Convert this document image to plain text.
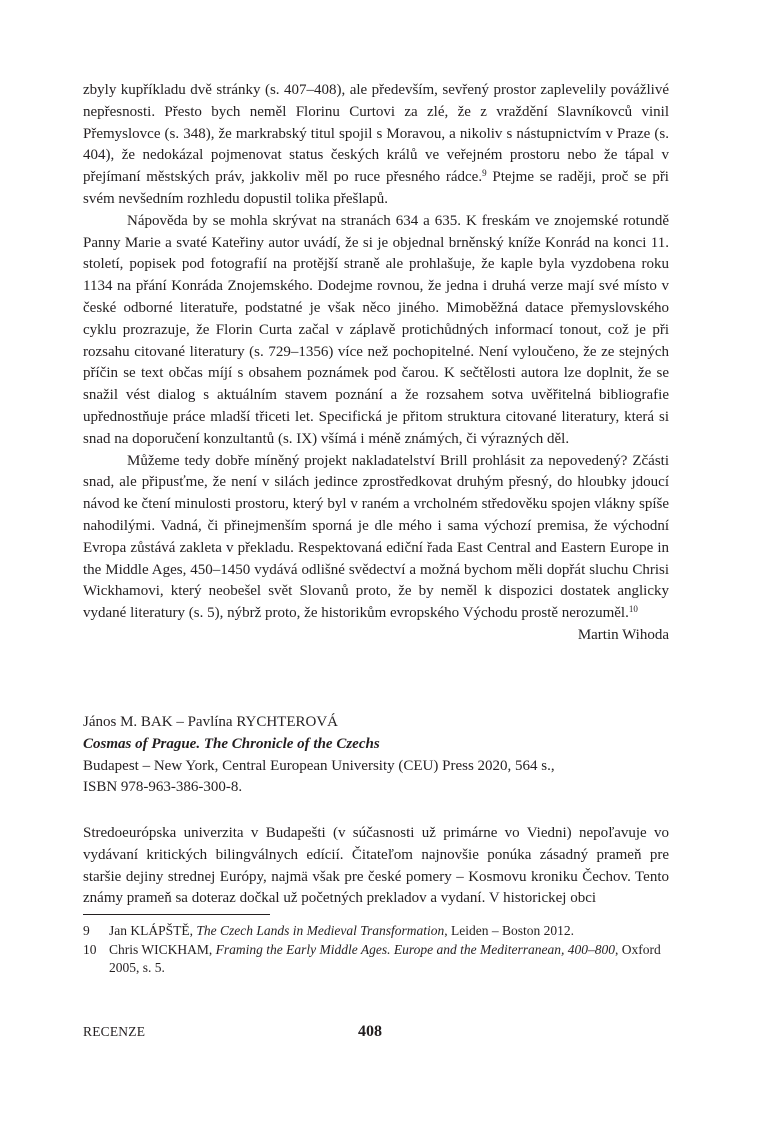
zbyly kupříkladu dvě stránky (s. 407–408), ale především, sevřený prostor zaplevelily povážlivé nepřesnosti. Přesto bych neměl Florinu Curtovi za zlé, že z vraždění Slavníkovců vinil Přemyslovce (s. 348), že markrabský titul spojil s Moravou, a nikoliv s nástupnictvím v Praze (s. 404), že nedokázal pojmenovat status českých králů ve veřejném prostoru nebo že tápal v přejímaní městských práv, jakkoliv měl po ruce přesného rádce.$^9$ Ptejme se raději, proč se při svém nevšedním rozhledu dopustil tolika přešlapů.

Nápověda by se mohla skrývat na stranách 634 a 635. K freskám ve znojemské rotundě Panny Marie a svaté Kateřiny autor uvádí, že si je objednal brněnský kníže Konrád na konci 11. století, popisek pod fotografií na protější straně ale prohlašuje, že kaple byla vyzdobena roku 1134 na přání Konráda Znojemského. Dodejme rovnou, že jedna i druhá verze mají své místo v české odborné literatuře, podstatné je však něco jiného. Mimoběžná datace přemyslovského cyklu prozrazuje, že Florin Curta začal v záplavě protichůdných informací tonout, což je při rozsahu citované literatury (s. 729–1356) více než pochopitelné. Není vyloučeno, že ze stejných příčin se text občas míjí s obsahem poznámek pod čarou. K sečtělosti autora lze doplnit, že se snažil vést dialog s aktuálním stavem poznání a že rozsahem sotva uvěřitelná bibliografie upřednostňuje práce mladší třiceti let. Specifická je přitom struktura citované literatury, která si snad na doporučení konzultantů (s. IX) všímá i méně známých, či výrazných děl.

Můžeme tedy dobře míněný projekt nakladatelství Brill prohlásit za nepovedený? Zčásti snad, ale připusťme, že není v silách jedince zprostředkovat druhým přesný, do hloubky jdoucí návod ke čtení minulosti prostoru, který byl v raném a vrcholném středověku spojen vlákny spíše nahodilými. Vadná, či přinejmenším sporná je dle mého i sama výchozí premisa, že východní Evropa zůstává zakleta v překladu. Respektovaná ediční řada East Central and Eastern Europe in the Middle Ages, 450–1450 vydává odlišné svědectví a možná bychom měli dopřát sluchu Chrisi Wickhamovi, který neobešel svět Slovanů proto, že by neměl k dispozici dostatek anglicky vydané literatury (s. 5), nýbrž proto, že historikům evropského Východu prostě nerozuměl.$^{10}$

Martin Wihoda

János M. BAK – Pavlína RYCHTEROVÁ

Cosmas of Prague. The Chronicle of the Czechs

Budapest – New York, Central European University (CEU) Press 2020, 564 s.,

ISBN 978-963-386-300-8.

Stredoeurópska univerzita v Budapešti (v súčasnosti už primárne vo Viedni) nepoľavuje vo vydávaní kritických bilingválnych edícií. Čitateľom najnovšie ponúka zásadný prameň pre staršie dejiny strednej Európy, najmä však pre české pomery – Kosmovu kroniku Čechov. Tento známy prameň sa doteraz dočkal už početných prekladov a vydaní. V historickej obci

9	Jan KLÁPŠTĚ, The Czech Lands in Medieval Transformation, Leiden – Boston 2012.
10 Chris WICKHAM, Framing the Early Middle Ages. Europe and the Mediterranean, 400–800, Oxford 2005, s. 5.
RECENZE	408
